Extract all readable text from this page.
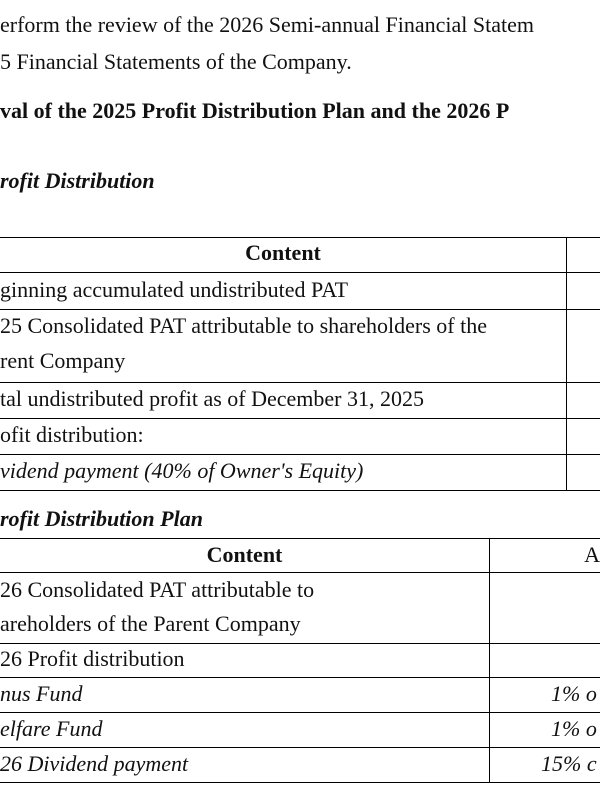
erform the review of the 2026 Semi-annual Financial Statem
5 Financial Statements of the Company.
val of the 2025 Profit Distribution Plan and the 2026 P
rofit Distribution
Content
ginning accumulated undistributed PAT
25 Consolidated PAT attributable to shareholders of the
rent Company
tal undistributed profit as of December 31, 2025
ofit distribution:
vidend payment (40% of Owner's Equity)
rofit Distribution Plan
Content	A
26 Consolidated PAT attributable to
areholders of the Parent Company
26 Profit distribution
nus Fund
elfare Fund
26 Dividend payment
1% o
1% o
15% c
